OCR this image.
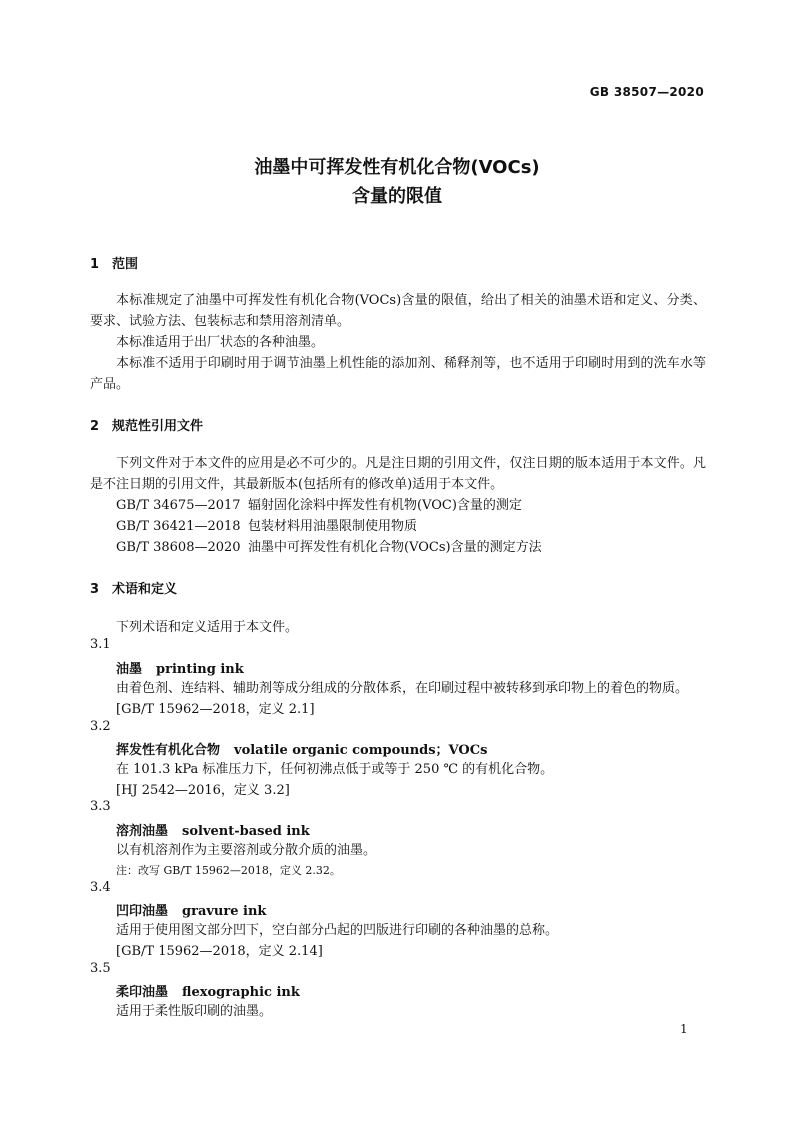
GB 38507—2020
油墨中可挥发性有机化合物(VOCs)
含量的限值
1 范围
本标准规定了油墨中可挥发性有机化合物(VOCs)含量的限值，给出了相关的油墨术语和定义、分类、要求、试验方法、包装标志和禁用溶剂清单。
本标准适用于出厂状态的各种油墨。
本标准不适用于印刷时用于调节油墨上机性能的添加剂、稀释剂等，也不适用于印刷时用到的洗车水等产品。
2 规范性引用文件
下列文件对于本文件的应用是必不可少的。凡是注日期的引用文件，仅注日期的版本适用于本文件。凡是不注日期的引用文件，其最新版本(包括所有的修改单)适用于本文件。
GB/T 34675—2017 辐射固化涂料中挥发性有机物(VOC)含量的测定
GB/T 36421—2018 包装材料用油墨限制使用物质
GB/T 38608—2020 油墨中可挥发性有机化合物(VOCs)含量的测定方法
3 术语和定义
下列术语和定义适用于本文件。
3.1
油墨 printing ink
由着色剂、连结料、辅助剂等成分组成的分散体系，在印刷过程中被转移到承印物上的着色的物质。
[GB/T 15962—2018，定义 2.1]
3.2
挥发性有机化合物 volatile organic compounds；VOCs
在 101.3 kPa 标准压力下，任何初沸点低于或等于 250 ℃ 的有机化合物。
[HJ 2542—2016，定义 3.2]
3.3
溶剂油墨 solvent-based ink
以有机溶剂作为主要溶剂或分散介质的油墨。
注：改写 GB/T 15962—2018，定义 2.32。
3.4
凹印油墨 gravure ink
适用于使用图文部分凹下，空白部分凸起的凹版进行印刷的各种油墨的总称。
[GB/T 15962—2018，定义 2.14]
3.5
柔印油墨 flexographic ink
适用于柔性版印刷的油墨。
1
